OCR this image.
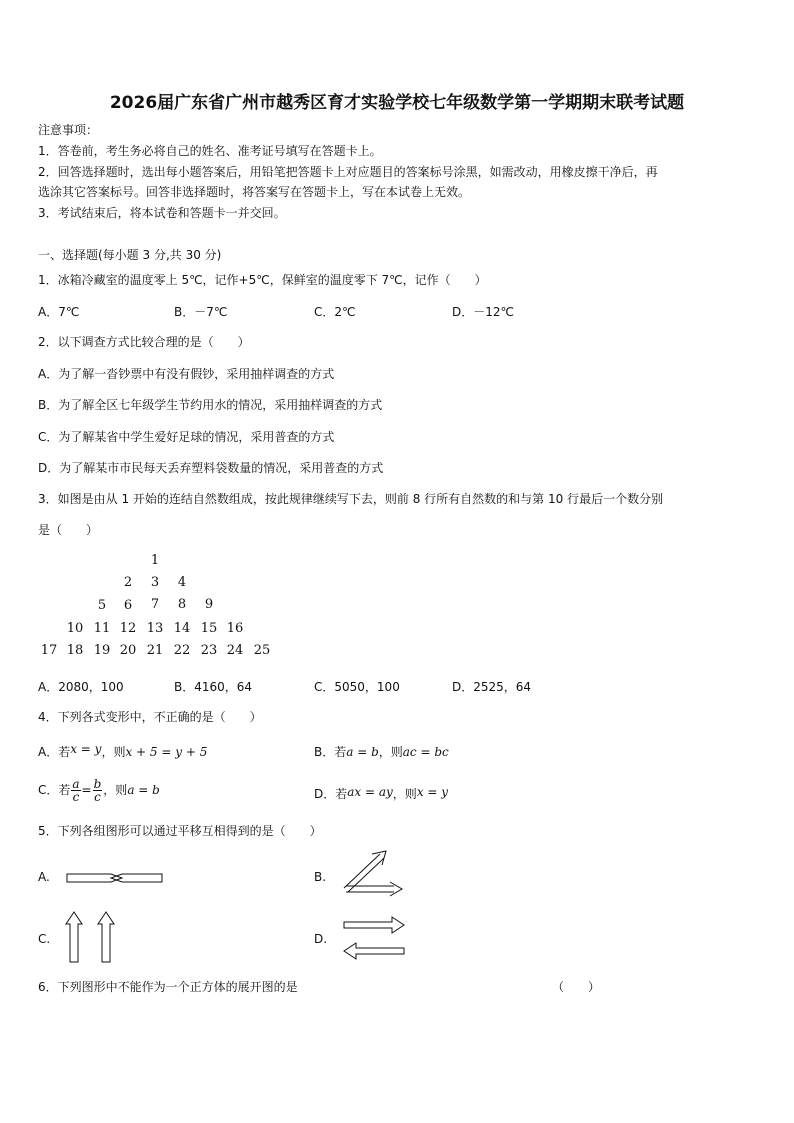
2026届广东省广州市越秀区育才实验学校七年级数学第一学期期末联考试题
注意事项：
1．答卷前，考生务必将自己的姓名、准考证号填写在答题卡上。
2．回答选择题时，选出每小题答案后，用铅笔把答题卡上对应题目的答案标号涂黑，如需改动，用橡皮擦干净后，再
选涂其它答案标号。回答非选择题时，将答案写在答题卡上，写在本试卷上无效。
3．考试结束后，将本试卷和答题卡一并交回。
一、选择题(每小题 3 分,共 30 分)
1．冰箱冷藏室的温度零上 5℃，记作+5℃，保鲜室的温度零下 7℃，记作（　　）
A．7℃	B．－7℃	C．2℃	D．－12℃
2．以下调查方式比较合理的是（　　）
A．为了解一沓钞票中有没有假钞，采用抽样调查的方式
B．为了解全区七年级学生节约用水的情况，采用抽样调查的方式
C．为了解某省中学生爱好足球的情况，采用普查的方式
D．为了解某市市民每天丢弃塑料袋数量的情况，采用普查的方式
3．如图是由从 1 开始的连结自然数组成，按此规律继续写下去，则前 8 行所有自然数的和与第 10 行最后一个数分别
是（　　）
1
2	3	4
5	6	7	8	9
10 11 12 13 14 15 16
17 18 19 20 21 22 23 24 25
A．2080，100	B．4160，64	C．5050，100	D．2525，64
4．下列各式变形中，不正确的是（　　）
A．若x = y，则x + 5 = y + 5	B．若a = b，则ac = bc
C．若 $\frac{a}{c} = \frac{b}{c}$ ，则a = b	D．若ax = ay，则x = y
5．下列各组图形可以通过平移互相得到的是（　　）
A.	B.
C.	D.
6．下列图形中不能作为一个正方体的展开图的是	（　　）
